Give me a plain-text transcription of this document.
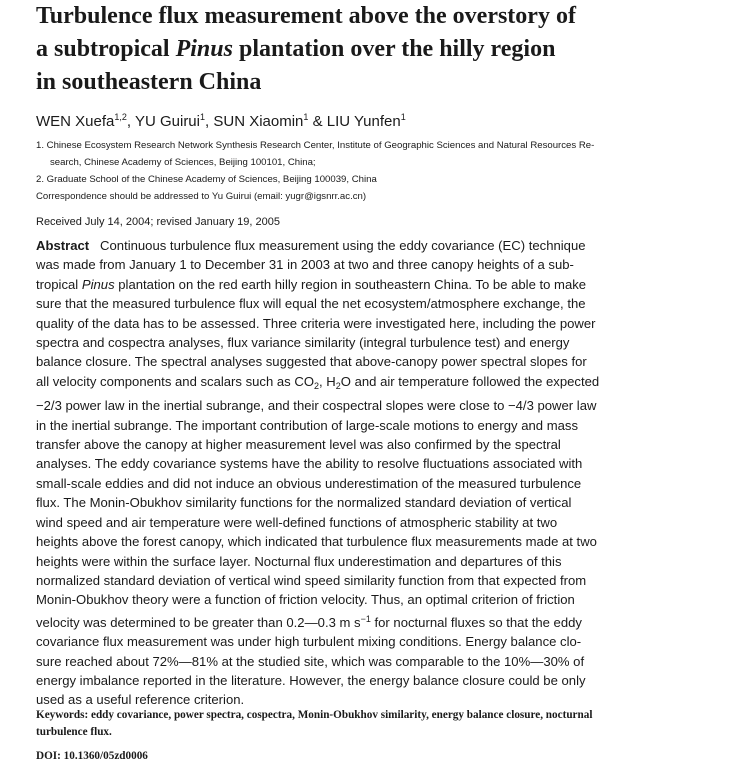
Turbulence flux measurement above the overstory of
a subtropical Pinus plantation over the hilly region
in southeastern China
WEN Xuefa$^{1,2}$, YU Guirui$^1$, SUN Xiaomin$^1$ & LIU Yunfen$^1$
1. Chinese Ecosystem Research Network Synthesis Research Center, Institute of Geographic Sciences and Natural Resources Re-
search, Chinese Academy of Sciences, Beijing 100101, China;
2. Graduate School of the Chinese Academy of Sciences, Beijing 100039, China
Correspondence should be addressed to Yu Guirui (email: yugr@igsnrr.ac.cn)
Received July 14, 2004; revised January 19, 2005
Abstract Continuous turbulence flux measurement using the eddy covariance (EC) technique
was made from January 1 to December 31 in 2003 at two and three canopy heights of a sub-
tropical Pinus plantation on the red earth hilly region in southeastern China. To be able to make
sure that the measured turbulence flux will equal the net ecosystem/atmosphere exchange, the
quality of the data has to be assessed. Three criteria were investigated here, including the power
spectra and cospectra analyses, flux variance similarity (integral turbulence test) and energy
balance closure. The spectral analyses suggested that above-canopy power spectral slopes for
all velocity components and scalars such as $CO_2$, $H_2O$ and air temperature followed the expected
−2/3 power law in the inertial subrange, and their cospectral slopes were close to −4/3 power law
in the inertial subrange. The important contribution of large-scale motions to energy and mass
transfer above the canopy at higher measurement level was also confirmed by the spectral
analyses. The eddy covariance systems have the ability to resolve fluctuations associated with
small-scale eddies and did not induce an obvious underestimation of the measured turbulence
flux. The Monin-Obukhov similarity functions for the normalized standard deviation of vertical
wind speed and air temperature were well-defined functions of atmospheric stability at two
heights above the forest canopy, which indicated that turbulence flux measurements made at two
heights were within the surface layer. Nocturnal flux underestimation and departures of this
normalized standard deviation of vertical wind speed similarity function from that expected from
Monin-Obukhov theory were a function of friction velocity. Thus, an optimal criterion of friction
velocity was determined to be greater than 0.2—0.3 m $s^{-1}$ for nocturnal fluxes so that the eddy
covariance flux measurement was under high turbulent mixing conditions. Energy balance clo-
sure reached about 72%—81% at the studied site, which was comparable to the 10%—30% of
energy imbalance reported in the literature. However, the energy balance closure could be only
used as a useful reference criterion.
Keywords: eddy covariance, power spectra, cospectra, Monin-Obukhov similarity, energy balance closure, nocturnal
turbulence flux.
DOI: 10.1360/05zd0006
